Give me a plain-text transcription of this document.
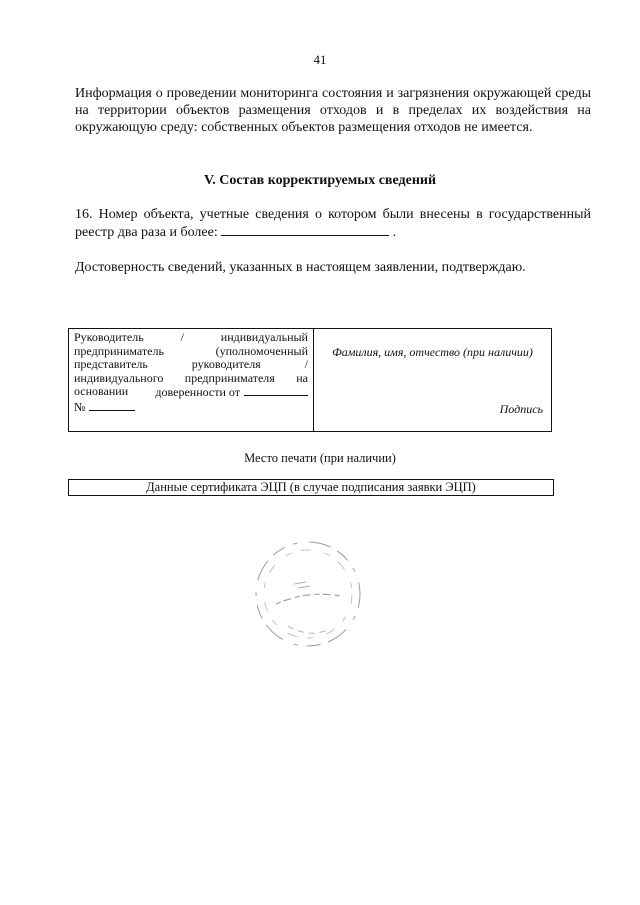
41
Информация о проведении мониторинга состояния и загрязнения окружающей среды на территории объектов размещения отходов и в пределах их воздействия на окружающую среду: собственных объектов размещения отходов не имеется.
V. Состав корректируемых сведений
16. Номер объекта, учетные сведения о котором были внесены в государственный реестр два раза и более:	.
Достоверность сведений, указанных в настоящем заявлении, подтверждаю.
Руководитель	/	индивидуальный
предприниматель	(уполномоченный
представитель	руководителя	/
индивидуального предпринимателя на
основании доверенности от
№
Фамилия, имя, отчество (при наличии)
Подпись
Место печати (при наличии)
Данные сертификата ЭЦП (в случае подписания заявки ЭЦП)
